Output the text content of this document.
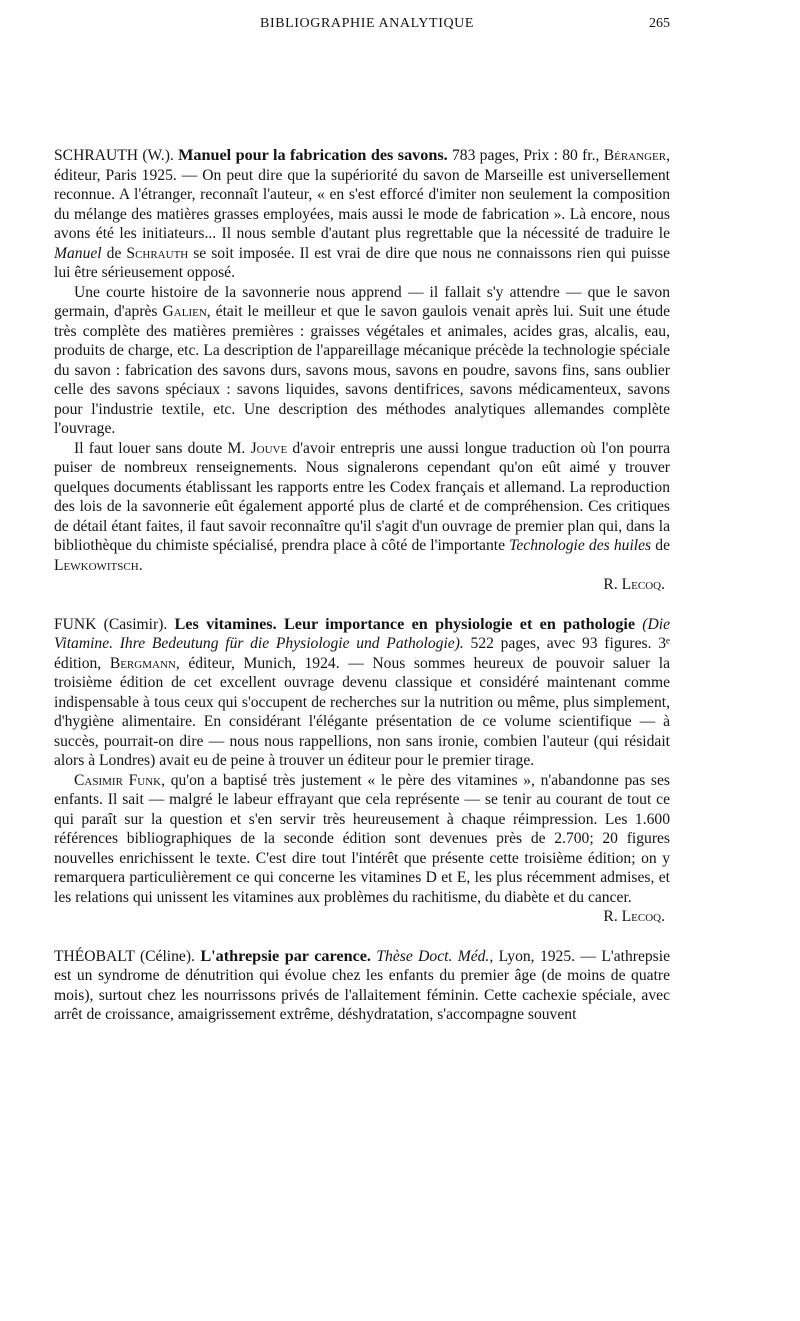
BIBLIOGRAPHIE ANALYTIQUE	265

SCHRAUTH (W.). Manuel pour la fabrication des savons. 783 pages, Prix : 80 fr., Béranger, éditeur, Paris 1925. — On peut dire que la supériorité du savon de Marseille est universellement reconnue. A l'étranger, reconnaît l'auteur, « en s'est efforcé d'imiter non seulement la composition du mélange des matières grasses employées, mais aussi le mode de fabrication ». Là encore, nous avons été les initiateurs... Il nous semble d'autant plus regrettable que la nécessité de traduire le Manuel de Schrauth se soit imposée. Il est vrai de dire que nous ne connaissons rien qui puisse lui être sérieusement opposé.

Une courte histoire de la savonnerie nous apprend — il fallait s'y attendre — que le savon germain, d'après Galien, était le meilleur et que le savon gaulois venait après lui. Suit une étude très complète des matières premières : graisses végétales et animales, acides gras, alcalis, eau, produits de charge, etc. La description de l'appareillage mécanique précède la technologie spéciale du savon : fabrication des savons durs, savons mous, savons en poudre, savons fins, sans oublier celle des savons spéciaux : savons liquides, savons dentifrices, savons médicamenteux, savons pour l'industrie textile, etc. Une description des méthodes analytiques allemandes complète l'ouvrage.

Il faut louer sans doute M. Jouve d'avoir entrepris une aussi longue traduction où l'on pourra puiser de nombreux renseignements. Nous signalerons cependant qu'on eût aimé y trouver quelques documents établissant les rapports entre les Codex français et allemand. La reproduction des lois de la savonnerie eût également apporté plus de clarté et de compréhension. Ces critiques de détail étant faites, il faut savoir reconnaître qu'il s'agit d'un ouvrage de premier plan qui, dans la bibliothèque du chimiste spécialisé, prendra place à côté de l'importante Technologie des huiles de Lewkowitsch.

R. Lecoq.

FUNK (Casimir). Les vitamines. Leur importance en physiologie et en pathologie (Die Vitamine. Ihre Bedeutung für die Physiologie und Pathologie). 522 pages, avec 93 figures. 3ᵉ édition, Bergmann, éditeur, Munich, 1924. — Nous sommes heureux de pouvoir saluer la troisième édition de cet excellent ouvrage devenu classique et considéré maintenant comme indispensable à tous ceux qui s'occupent de recherches sur la nutrition ou même, plus simplement, d'hygiène alimentaire. En considérant l'élégante présentation de ce volume scientifique — à succès, pourrait-on dire — nous nous rappellions, non sans ironie, combien l'auteur (qui résidait alors à Londres) avait eu de peine à trouver un éditeur pour le premier tirage.

Casimir Funk, qu'on a baptisé très justement « le père des vitamines », n'abandonne pas ses enfants. Il sait — malgré le labeur effrayant que cela représente — se tenir au courant de tout ce qui paraît sur la question et s'en servir très heureusement à chaque réimpression. Les 1.600 références bibliographiques de la seconde édition sont devenues près de 2.700; 20 figures nouvelles enrichissent le texte. C'est dire tout l'intérêt que présente cette troisième édition; on y remarquera particulièrement ce qui concerne les vitamines D et E, les plus récemment admises, et les relations qui unissent les vitamines aux problèmes du rachitisme, du diabète et du cancer.

R. Lecoq.

THÉOBALT (Céline). L'athrepsie par carence. Thèse Doct. Méd., Lyon, 1925. — L'athrepsie est un syndrome de dénutrition qui évolue chez les enfants du premier âge (de moins de quatre mois), surtout chez les nourrissons privés de l'allaitement féminin. Cette cachexie spéciale, avec arrêt de croissance, amaigrissement extrême, déshydratation, s'accompagne souvent
